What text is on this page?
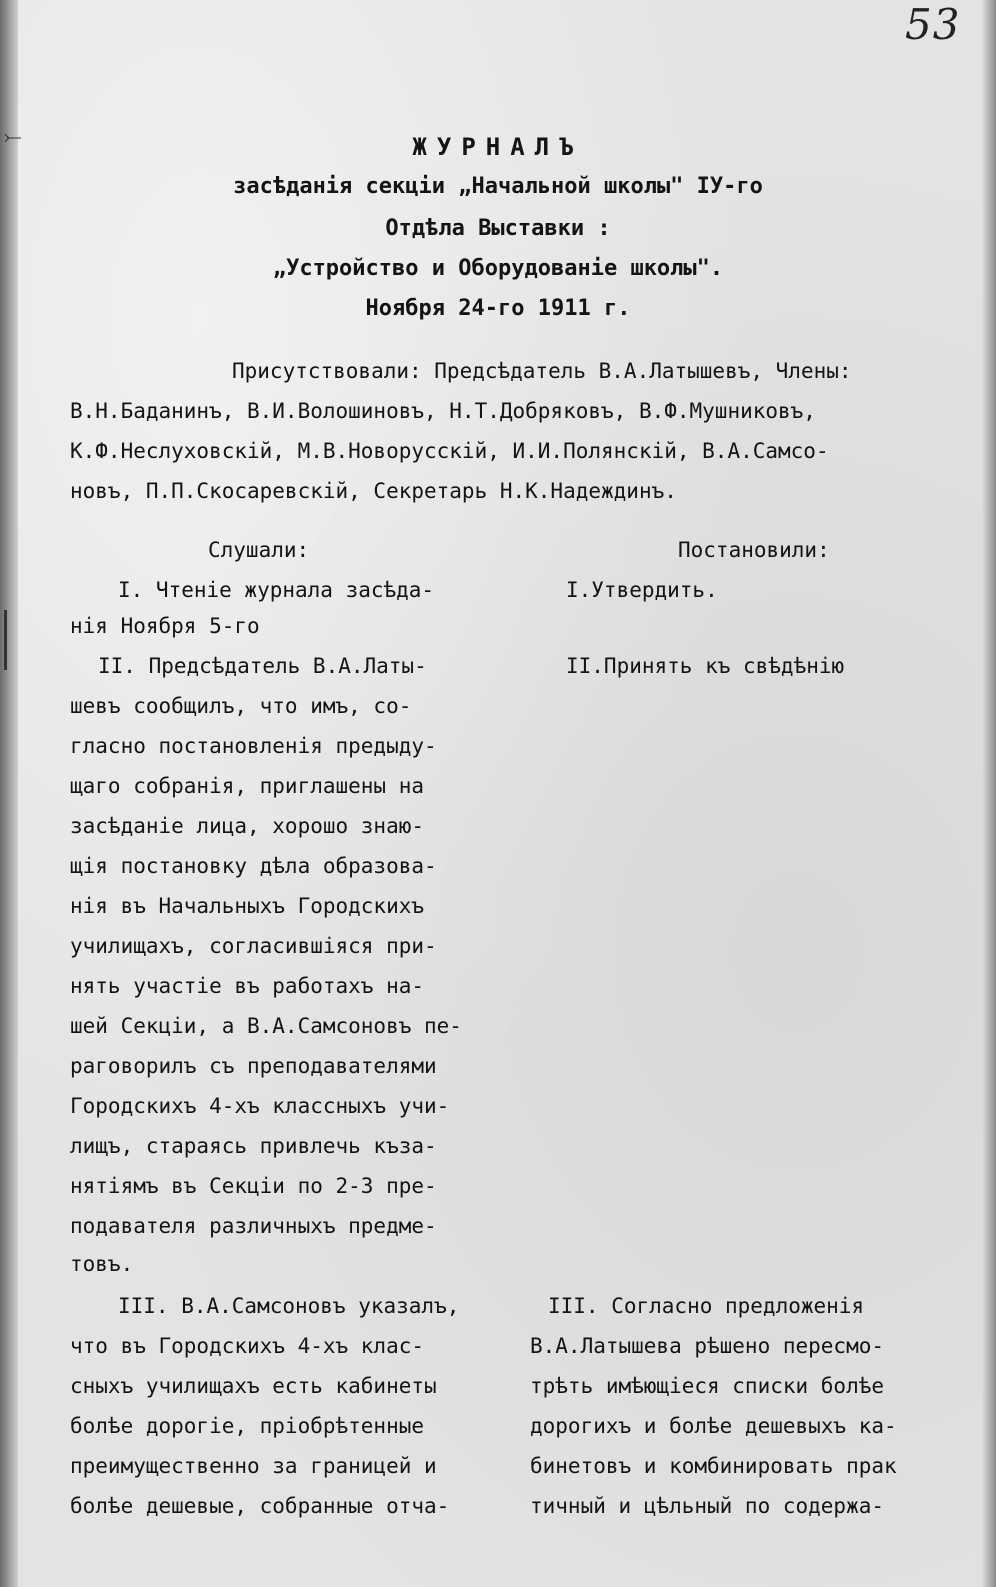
⤚
53
ЖУРНАЛЪ
засѣданія секціи „Начальной школы" IУ-го
Отдѣла Выставки :
„Устройство и Оборудованіе школы".
Ноября 24-го 1911 г.
Присутствовали: Предсѣдатель В.А.Латышевъ, Члены:
В.Н.Баданинъ, В.И.Волошиновъ, Н.Т.Добряковъ, В.Ф.Мушниковъ,
К.Ф.Неслуховскій, М.В.Новорусскій, И.И.Полянскій, В.А.Самсо-
новъ, П.П.Скосаревскій, Секретарь Н.К.Надеждинъ.
Слушали:	Постановили:
I. Чтеніе журнала засѣда-
нія Ноября 5-го
II. Предсѣдатель В.А.Латы-
шевъ сообщилъ, что имъ, со-
гласно постановленія предыду-
щаго собранія, приглашены на
засѣданіе лица, хорошо знаю-
щія постановку дѣла образова-
нія въ Начальныхъ Городскихъ
училищахъ, согласившіяся при-
нять участіе въ работахъ на-
шей Секціи, а В.А.Самсоновъ пе-
раговорилъ съ преподавателями
Городскихъ 4-хъ классныхъ учи-
лищъ, стараясь привлечь къза-
нятіямъ въ Секціи по 2-3 пре-
подавателя различныхъ предме-
товъ.
III. В.А.Самсоновъ указалъ,
что въ Городскихъ 4-хъ клас-
сныхъ училищахъ есть кабинеты
болѣе дорогіе, пріобрѣтенные
преимущественно за границей и
болѣе дешевые, собранные отча-
I.Утвердить.
II.Принять къ свѣдѣнію
III. Согласно предложенія
В.А.Латышева рѣшено пересмо-
трѣть имѣющіеся списки болѣе
дорогихъ и болѣе дешевыхъ ка-
бинетовъ и комбинировать прак
тичный и цѣльный по содержа-
